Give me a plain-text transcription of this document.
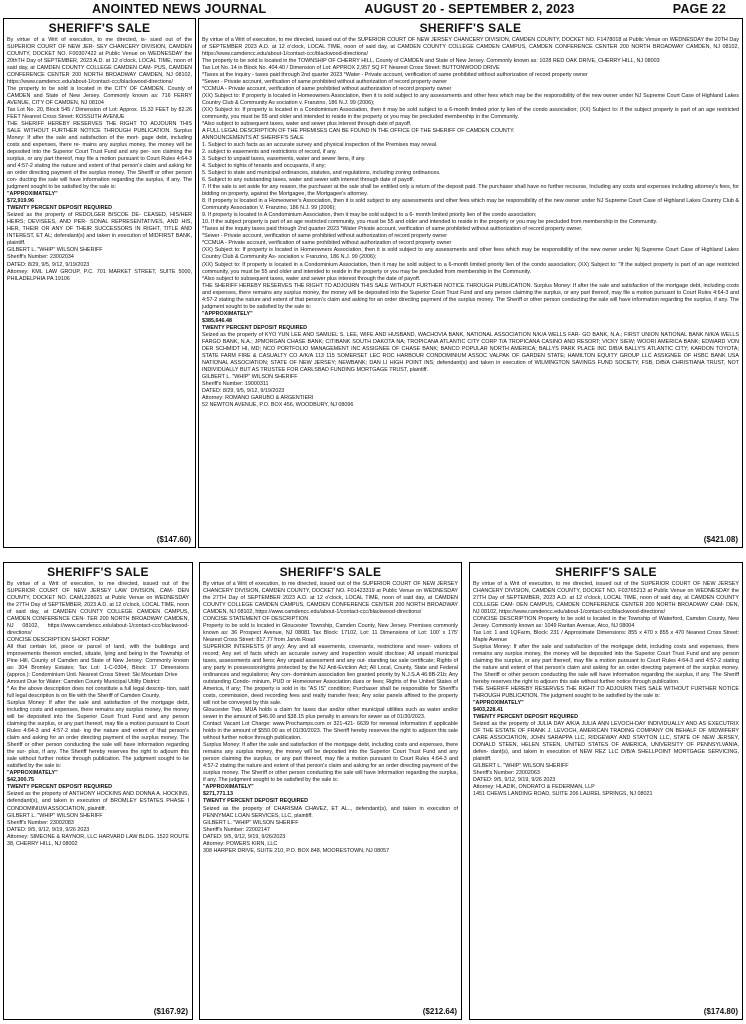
ANOINTED NEWS JOURNAL	AUGUST 20 - SEPTEMBER 2, 2023	PAGE 22
SHERIFF'S SALE

By virtue of a Writ of execution, to me directed, is- sued out of the SUPERIOR COURT OF NEW JER- SEY CHANCERY DIVISION, CAMDEN COUNTY, DOCKET NO. F00307422 at Public Venue on WEDNESDAY the 20thTH Day of SEPTEMBER, 2023 A.D. at 12 o'clock, LOCAL TIME, noon of said day, at CAMDEN COUNTY COLLEGE CAMDEN CAM- PUS, CAMDEN CONFERENCE CENTER 200 NORTH BROADWAY CAMDEN, NJ 08102, https://www.camdencc.edu/about-1/contact-ccc/blackwood-directions/

The property to be sold is located in the CITY OF CAMDEN, County of CAMDEN and State of New Jersey. Commonly known as: 716 FERRY AVENUE, CITY OF CAMDEN, NJ 08104

Tax Lot No. 20, Block 545 / Dimension of Lot: Approx. 15.32 FEET by 82.26 FEET Nearest Cross Street: KOSSUTH AVENUE

THE SHERIFF HEREBY RESERVES THE RIGHT TO ADJOURN THIS SALE WITHOUT FURTHER NOTICE THROUGH PUBLICATION. Surplus Money: If after the sale and satisfaction of the mort- gage debt, including costs and expenses, there re- mains any surplus money, the money will be deposited into the Superior Court Trust Fund and any per- son claiming the surplus, or any part thereof, may file a motion pursuant to Court Rules 4:64-3 and 4:57-2 stating the nature and extent of that person's claim and asking for an order directing payment of the surplus money. The Sheriff or other person con- ducting the sale will have information regarding the surplus, if any. The judgment sought to be satisfied by the sale is:

"APPROXIMATELY"

$72,919.96

TWENTY PERCENT DEPOSIT REQUIRED

Seized as the property of REDOLGER BISCOE DE- CEASED, HIS/HER HEIRS; DEVISEES, AND PER- SONAL REPRESENTATIVES, AND HIS, HER, THEIR OR ANY OF THEIR SUCCESSORS IN RIGHT, TITLE AND INTEREST, ET AL; defendant(s) and taken in execution of MIDFIRST BANK, plaintiff.

GILBERT L. "WHIP" WILSON SHERIFF

Sheriff's Number: 23002034

DATED: 8/29, 9/5, 9/12, 9/19/2023

Attorney: KML LAW GROUP, P.C. 701 MARKET STREET, SUITE 5000, PHILADELPHIA PA 19106

($147.60)
SHERIFF'S SALE

By virtue of a Writ of execution, to me directed, issued out of the SUPERIOR COURT OF NEW JERSEY CHANCERY DIVISION, CAMDEN COUNTY, DOCKET NO. F1478018 at Public Venue on WEDNESDAY the 20TH Day of SEPTEMBER 2023 A.D. at 12 o'clock, LOCAL TIME, noon of said day, at CAMDEN COUNTY COLLEGE CAMDEN CAMPUS, CAMDEN CONFERENCE CENTER 200 NORTH BROADWAY CAMDEN, NJ 08102, https://www.camdencc.edu/about-1/contact-ccc/blackwood-directions/

The property to be sold is located in the TOWNSHIP OF CHERRY HILL, County of CAMDEN and State of New Jersey. Commonly known as: 1028 RED OAK DRIVE, CHERRY HILL, NJ 08003

Tax Lot No. 14 in Block No. 404.40 / Dimension of Lot: APPROX 2,957 SQ FT Nearest Cross Street: BUTTONWOOD DRIVE

*Taxes at the inquiry - taxes paid through 2nd quarter 2023 *Water - Private account, verification of same prohibited without authorization of record property owner

*Sewer - Private account, verification of same prohibited without authorization of record property owner

*CCMUA - Private account, verification of same prohibited without authorization of record property owner

(XX) Subject to: If property is located in Homeowners Association, then it is sold subject to any assessments and other fees which may be the responsibility of the new owner under NJ Supreme Court Case of Highland Lakes Country Club & Community As sociation v. Franzino, 186 N.J. 99 (2006);

(XX) Subject to: If property is located in a Condominium Association, then it may be sold subject to a 6-month limited prior ty lien of the condo association; (XX) Subject to: If the subject property is part of an age restricted community, you must be 55 and older and intended to reside in the property or you may be precluded membership in the Community.

*Also subject to subsequent taxes, water and sewer plus interest through date of payoff.

A FULL LEGAL DESCRIPTION OF THE PREMISES CAN BE FOUND IN THE OFFICE OF THE SHERIFF OF CAMDEN COUNTY.

ANNOUNCEMENTS AT SHERIFF'S SALE

1. Subject to such facts as an accurate survey and physical inspection of the Premises may reveal.

2. subject to easements and restrictions of record, if any.

3. Subject to unpaid taxes, easements, water and sewer liens, if any.

4. Subject to rights of tenants and occupants, if any;

5. Subject to state and municipal ordinances, statutes, and regulations, including zoning ordinances.

6. Subject to any outstanding taxes, water and sewer with interest through date of payoff.

7. If the sale is set aside for any reason, the purchaser at the sale shall be entitled only a return of the deposit paid. The purchaser shall have no further recourse, Including any costs and expenses including attorney's fees, for bidding on property, against the Mortgagee, the Mortgagee's attorney.

8. If property is located in a Homeowner's Association, then it is sold subject to any assessments and other fees which may be responsibility of the new owner under NJ Supreme Court Case of Highland Lakes Country Club & Community Association V. Franzino, 186 N.J. 99 (2006);

9. If property is located In A Condominium Association, then it may be sold subject to a 6- month limited priority lien of the condo association;

10. If the subject property is part of an age restricted community, you must be 55 and older and intended to reside in the property or you may be precluded from membership in the Community.

*Taxes at the inquiry taxes paid through 2nd quarter 2023 *Water Private account, verification of same prohibited without authorization of record property owner.

*Sewer - Private account, verification of same prohibited without authorization of record property owner

*CCMUA - Private account, verification of same prohibited without authorization of record property owner

(XX) Subject to: If property is located in Homeowners Association, then it is sold subject to any assessments and other fees which may be responsibility of the new owner under Nj Supreme Court Case of Highland Lakes Country Club & Community As- sociation v. Franzino, 186 N.J. 99 (2006);

(XX) Subject to: If property is located in a Condominium Association, then it may be sold subject to a 6-month limited priority lien of the condo association; (XX) Subject to: "If the subject property is part of an age restricted community, you must be 55 and older and intended to reside in the property or you may be precluded from membership in the Community.

*Also subject to subsequent taxes, water and sewer plus interest through the date of payoff.

THE SHERIFF HEREBY RESERVES THE RIGHT TO ADJOURN THIS SALE WITHOUT FURTHER NOTICE THROUGH PUBLICATION. Surplus Money: If after the sale and satisfaction of the mortgage debt, including costs and expenses, there remains any surplus money, the money will be deposited into the Superior Court Trust Fund and any person claiming the surplus, or any part thereof, may file a motion pursuant to Court Rules 4:64-3 and 4:57-2 stating the nature and extent of that person's claim and asking for an order directing payment of the surplus money. The Sheriff or other person conducting the sale will have information regarding the surplus, if any. The judgment sought to be satisfied by the sale is:

"APPROXIMATELY"

$385,646.48

TWENTY PERCENT DEPOSIT REQUIRED

Seized as the property of KYO YUN LEE AND SAMUEL S. LEE, WIFE AND HUSBAND, WACHOVIA BANK, NATIONAL ASSOCIATION N/K/A WELLS FAR- GO BANK, N.A.; FIRST UNION NATIONAL BANK N/K/A WELLS FARGO BANK, N.A.; JPMORGAN CHASE BANK; CITIBANK SOUTH DAKOTA NA; TROPICANA ATLANTIC CITY CORP T/A TROPICANA CASINO AND RESORT; VICKY SIEW; WOORI AMERICA BANK; EDWARD VON DER SCHMIDT HI, MD; NCO PORTFOLIO MANAGEMENT INC ASSIGNEE OF CHASE BANK; BANCO POPULAR NORTH AMERICA; BALLYS PARK PLACE INC D/B/A BALLY'S ATLANTIC CITY; KARDON TOYOTA; STATE FARM FIRE & CASUALTY CO A/K/A 113 115 SOMERSET LEC ROC HARBOUR CONDOMINIUM ASSOC VALPAK OF GARDEN STATE; HAMILTON EQUITY GROUP LLC ASSIGNEE OF HSBC BANK USA NATIONAL ASSOCIATION; STATE OF NEW JERSEY; NEWBANK; DAN LI HIGH POINT INS; defendant(s) and taken in execution of WILMINGTON SAVINGS FUND SOCIETY, FSB, D/B/A CHRISTIANA TRUST, NOT INDIVIDUALLY BUT AS TRUSTEE FOR CARLSBAD FUNDING MORTGAGE TRUST, plaintiff.

GILBERT L. "WHIP" WILSON SHERIFF

Sheriff's Number: 19000311

DATED: 8/29, 9/5, 9/12, 9/19/2023

Attorney: ROMANO GARUBO & ARGENTIERI

52 NEWTON AVENUE, P.O. BOX 456, WOODBURY, NJ 08096

($421.08)
SHERIFF'S SALE

By virtue of a Writ of execution, to me directed, issued out of the SUPERIOR COURT OF NEW JERSEY LAW DIVISION, CAM- DEN COUNTY, DOCKET NO. CAML228021 at Public Venue on WEDNESDAY the 27TH Day of SEPTEMBER, 2023 A.D. at 12 o'clock, LOCAL TIME, noon of said day, at CAMDEN COUNTY COLLEGE CAMDEN CAMPUS, CAMDEN CONFERENCE CEN- TER 200 NORTH BROADWAY CAMDEN, NJ 08102, https://www.camdencc.edu/about-1/contact-ccc/blackwood-directions/

CONCISE DESCRIPTION SHORT FORM*

All that certain lot, piece or parcel of land, with the buildings and improvements thereon erected, situate, lying and being in the Township of Pine Hill, County of Camden and State of New Jersey: Commonly known as: 304 Bromley Estates; Tax Lot: 1-C-0304, Block: 17 Dimensions (approx.): Condominium Unit. Nearest Cross Street: Ski Mountain Drive

Amount Due for Water: Camden County Municipal Utility District:

* As the above description does not constitute a full legal descrip- tion, said full legal description is on file with the Sheriff of Camden County.

Surplus Money: If after the sale and satisfaction of the mortgage debt, including costs and expenses, there remains any surplus money, the money will be deposited into the Superior Court Trust Fund and any person claiming the surplus, or any part thereof, may file a motion pursuant to Court Rules 4:64-3 and 4:57-2 stat- ing the nature and extent of that person's claim and asking for an order directing payment of the surplus money. The Sheriff or other person conducting the sale will have information regarding the sur- plus, if any. The Sheriff hereby reserves the right to adjourn this sale without further notice through publication. The judgment sought to be satisfied by the sale is:

"APPROXIMATELY"

$42,300.75

TWENTY PERCENT DEPOSIT REQUIRED

Seized as the property of ANTHONY HOCKINS AND DONNA A. HOCKINS, defendant(s), and taken in execution of BROMLEY ESTATES PHASE I CONDOMINIUM ASSOCIATION, plaintiff.

GILBERT L. "WHIP" WILSON SHERIFF

Sheriff's Number: 23002083

DATED: 9/5, 9/12, 9/19, 9/26 2023

Attorney: SIMEONE & RAYNOR, LLC HARVARD LAW BLDG. 1522 ROUTE 38, CHERRY HILL, NJ 08002

($167.92)
SHERIFF'S SALE

By virtue of a Writ of execution, to me directed, issued out of the SUPERIOR COURT OF NEW JERSEY CHANCERY DIVISION, CAMDEN COUNTY, DOCKET NO. F01423319 at Public Venue on WEDNESDAY the 27TH Day of SEPTEMBER 2023 A.D. at 12 o'clock, LOCAL TIME, noon of said day, at CAMDEN COUNTY COLLEGE CAMDEN CAMPUS, CAMDEN CONFERENCE CENTER 200 NORTH BROADWAY CAMDEN, NJ 08102, https://www.camdencc.edu/about-1/contact-ccc/blackwood-directions/

CONCISE STATEMENT OF DESCRIPTION

Property to be sold is located in Gloucester Township, Camden County, New Jersey. Premises commonly known as: 36 Prospect Avenue, NJ 08081 Tax Block: 17102, Lot: 11 Dimensions of Lot: 100' x 175' Nearest Cross Street: 817.77 from Jarvis Road

SUPERIOR INTERESTS (if any): Any and all easements, covenants, restrictions and reser- vations of record; Any set of facts which an accurate survey and inspection would disclose; All unpaid municipal taxes, assessments and liens; Any unpaid assessment and any out- standing tax sale certificate; Rights of any party in possession/rights protected by the NJ Anti-Eviction Act; All Local, County, State and Federal ordinances and regulations; Any con- dominium association lien granted priority by N.J.S.A 46:8B-21b; Any outstanding Condo- minium, PUD or Homeowner Association dues or fees; Rights of the United States of America, if any; The property is sold in its "AS IS" condition; Purchaser shall be responsible for Sheriff's costs, commission, deed recording fees and realty transfer fees; Any solar panels affixed to the property will not be conveyed by this sale.

Gloucester Twp. MUA holds a claim for taxes due and/or other municipal utilities such as water and/or sewer in the amount of $46.00 and $38.15 plus penalty in arrears for sewer as of 01/30/2023.

Contact Vacant Lot Charge: www.Prochamps.com or 321-421- 6639 for renewal information if applicable holds in the amount of $550.00 as of 01/30/2023. The Sheriff hereby reserves the right to adjourn this sale without further notice through publication.

Surplus Money: If after the sale and satisfaction of the mortgage debt, including costs and expenses, there remains any surplus money, the money will be deposited into the Superior Court Trust Fund and any person claiming the surplus, or any part thereof, may file a motion pursuant to Court Rules 4:64-3 and 4:57-2 stating the nature and extent of that person's claim and asking for an order directing payment of the surplus money. The Sheriff or other person conducting the sale will have information regarding the surplus, if any. The judgment sought to be satisfied by the sale is:

"APPROXIMATELY"

$271,771.13

TWENTY PERCENT DEPOSIT REQUIRED

Seized as the property of CHARISMA CHAVEZ, ET AL.., defendant(s), and taken in execution of PENNYMAC LOAN SERVICES, LLC, plaintiff.

GILBERT L. "WHIP" WILSON SHERIFF

Sheriff's Number: 22002147

DATED: 9/5, 9/12, 9/19, 9/26/2023

Attorney: POWERS KIRN, LLC

308 HARPER DRIVE, SUITE 210, P.O. BOX 848, MOORESTOWN, NJ 08057

($212.64)
SHERIFF'S SALE

By virtue of a Writ of execution, to me directed, issued out of the SUPERIOR COURT OF NEW JERSEY CHANCERY DIVISION, CAMDEN COUNTY, DOCKET NO. F03765213 at Public Venue on WEDNESDAY the 27TH Day of SEPTEMBER, 2023 A.D. at 12 o'clock, LOCAL TIME, noon of said day, at CAMDEN COUNTY COLLEGE CAM- DEN CAMPUS, CAMDEN CONFERENCE CENTER 200 NORTH BROADWAY CAM- DEN, NJ 08102, https://www.camdencc.edu/about-1/contact-ccc/blackwood-directions/

CONCISE DESCRIPTION Property to be sold is located in the Township of Waterford, Camden County, New Jersey. Commonly known as: 1049 Raritan Avenue, Atco, NJ 08004

Tax Lot: 1 and 1QFarm, Block: 231 / Approximate Dimensions: 855 x 470 x 855 x 470 Nearest Cross Street: Maple Avenue

Surplus Money: If after the sale and satisfaction of the mortgage debt, including costs and expenses, there remains any surplus money, the money will be deposited into the Superior Court Trust Fund and any person claiming the surplus, or any part thereof, may file a motion pursuant to Court Rules 4:64-3 and 4:57-2 stating the nature and extent of that person's claim and asking for an order directing payment of the surplus money. The Sheriff or other person conducting the sale will have information regarding the surplus, if any. The Sheriff hereby reserves the right to adjourn this sale without further notice through publication.

THE SHERIFF HEREBY RESERVES THE RIGHT TO ADJOURN THIS SALE WITHOUT FURTHER NOTICE THROUGH PUBLICATION. The judgment sought to be satisfied by the sale is:

"APPROXIMATELY"

$403,228.41

TWENTY PERCENT DEPOSIT REQUIRED

Seized as the property of JULIA DAY A/K/A JULIA ANN LEVOCH-DAY INDIVIDUALLY AND AS EXECUTRIX OF THE ESTATE OF FRANK J. LEVOCH, AMERICAN TRADING COMPANY ON BEHALF OF MIDWIFERY CARE ASSOCIATION, JOHN SARAPPA LLC, RIDGEWAY AND STAYTON LLC, STATE OF NEW JERSEY, DONALD STEEN, HELEN STEEN, UNITED STATES OF AMERICA, UNIVERSITY OF PENNSYLVANIA, defen- dant(s), and taken in execution of NEW REZ LLC D/B/A SHELLPOINT MORTGAGE SERVICING, plaintiff.

GILBERT L. "WHIP" WILSON SHERIFF

Sheriff's Number: 23002063

DATED: 9/5, 9/12, 9/19, 9/26 2023

Attorney: HLADIK, ONORATO & FEDERMAN, LLP

1451 CHEWS LANDING ROAD, SUITE 206 LAUREL SPRINGS, NJ 08021

($174.80)
